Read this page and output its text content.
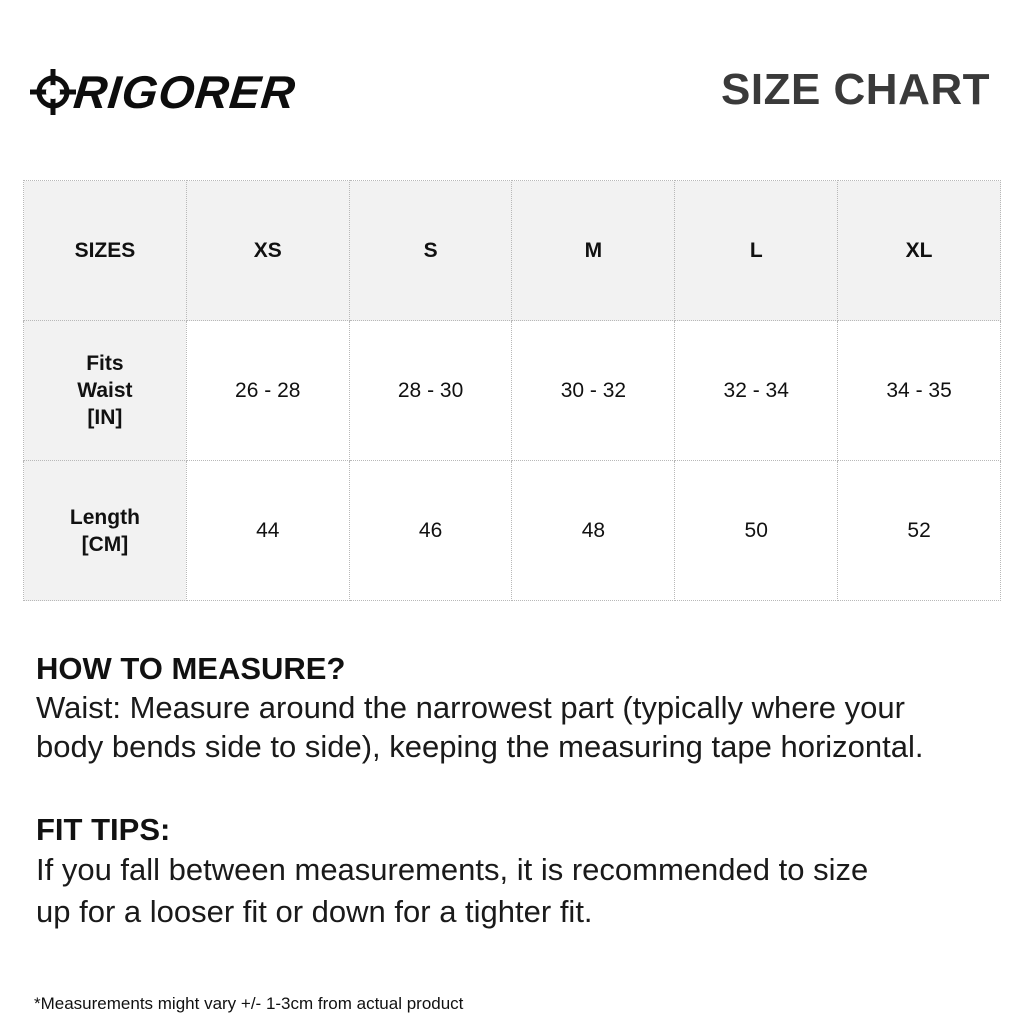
RIGORER	SIZE CHART
SIZES	XS	S	M	L	XL

Fits
Waist
[IN]	26 - 28	28 - 30	30 - 32	32 - 34	34 - 35

Length
[CM]	44	46	48	50	52
HOW TO MEASURE?

Waist: Measure around the narrowest part (typically where your

body bends side to side), keeping the measuring tape horizontal.

FIT TIPS:

If you fall between measurements, it is recommended to size

up for a looser fit or down for a tighter fit.

*Measurements might vary +/- 1-3cm from actual product
